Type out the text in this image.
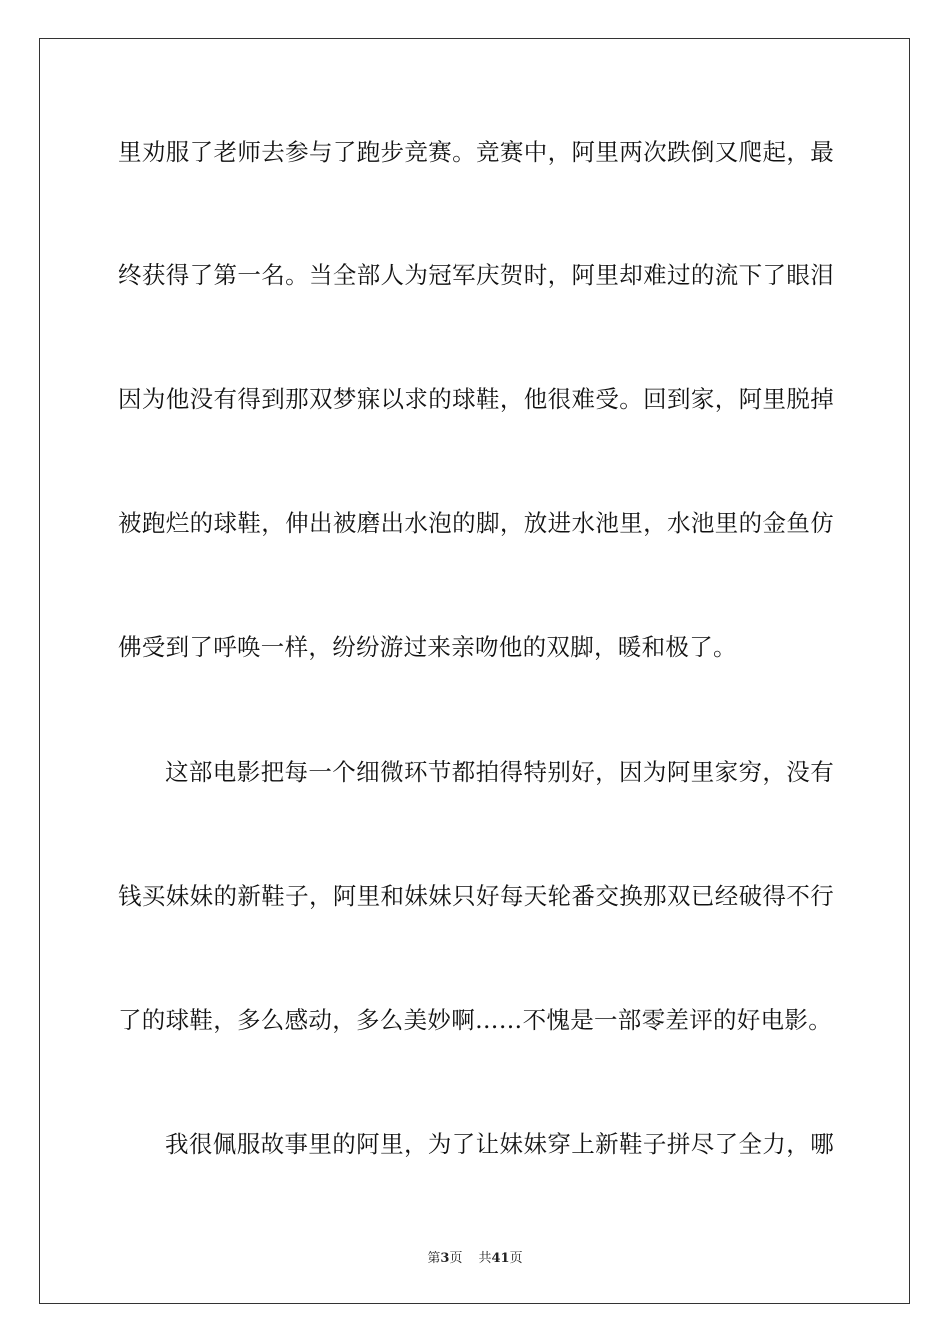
里劝服了老师去参与了跑步竞赛。竞赛中，阿里两次跌倒又爬起，最
终获得了第一名。当全部人为冠军庆贺时，阿里却难过的流下了眼泪
因为他没有得到那双梦寐以求的球鞋，他很难受。回到家，阿里脱掉
被跑烂的球鞋，伸出被磨出水泡的脚，放进水池里，水池里的金鱼仿
佛受到了呼唤一样，纷纷游过来亲吻他的双脚，暖和极了。
这部电影把每一个细微环节都拍得特别好，因为阿里家穷，没有
钱买妹妹的新鞋子，阿里和妹妹只好每天轮番交换那双已经破得不行
了的球鞋，多么感动，多么美妙啊……不愧是一部零差评的好电影。
我很佩服故事里的阿里，为了让妹妹穿上新鞋子拼尽了全力，哪
第3页 共41页
